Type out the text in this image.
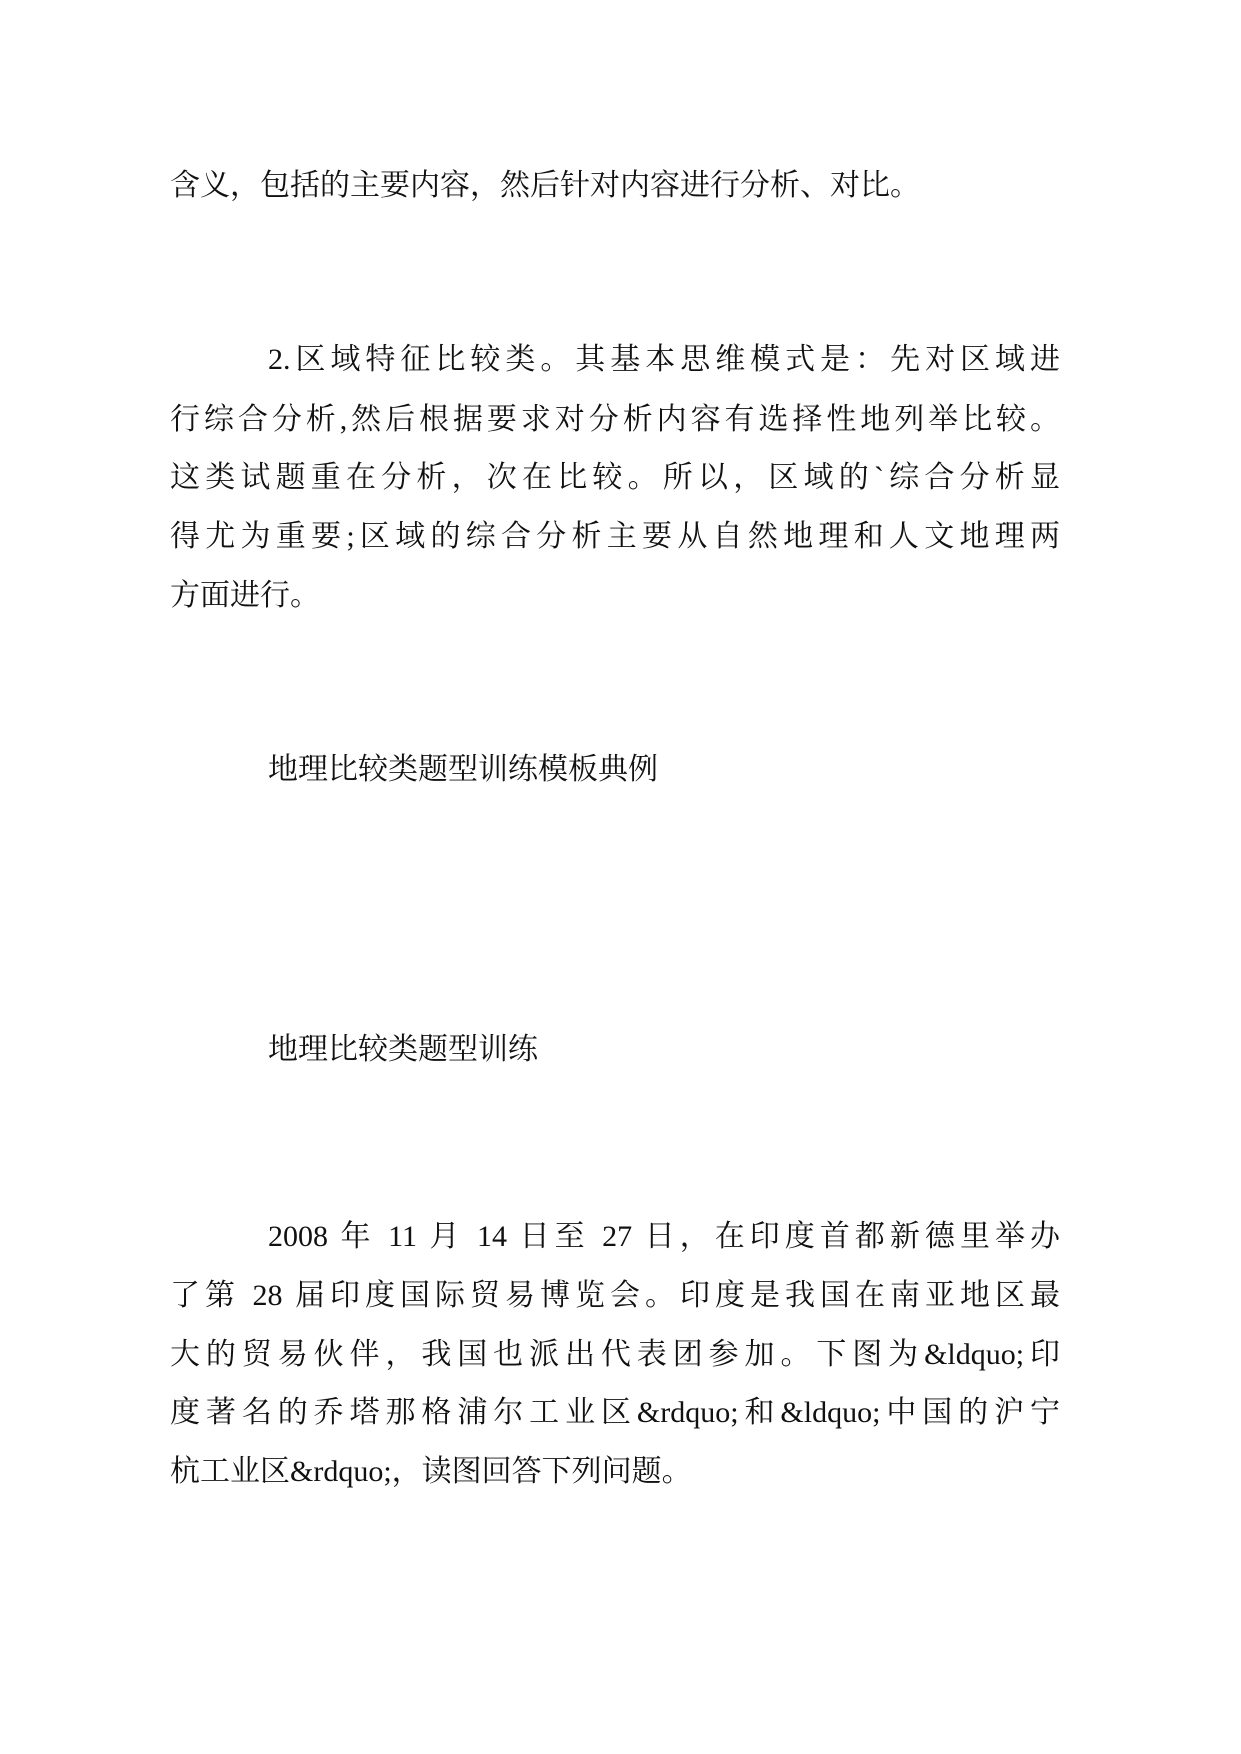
含义，包括的主要内容，然后针对内容进行分析、对比。
2.区域特征比较类。其基本思维模式是：先对区域进
行综合分析,然后根据要求对分析内容有选择性地列举比较。
这类试题重在分析，次在比较。所以，区域的`综合分析显
得尤为重要;区域的综合分析主要从自然地理和人文地理两
方面进行。
地理比较类题型训练模板典例
地理比较类题型训练
2008 年 11 月 14 日至 27 日，在印度首都新德里举办
了第 28 届印度国际贸易博览会。印度是我国在南亚地区最
大的贸易伙伴，我国也派出代表团参加。下图为&ldquo;印
度著名的乔塔那格浦尔工业区&rdquo;和&ldquo;中国的沪宁
杭工业区&rdquo;，读图回答下列问题。
